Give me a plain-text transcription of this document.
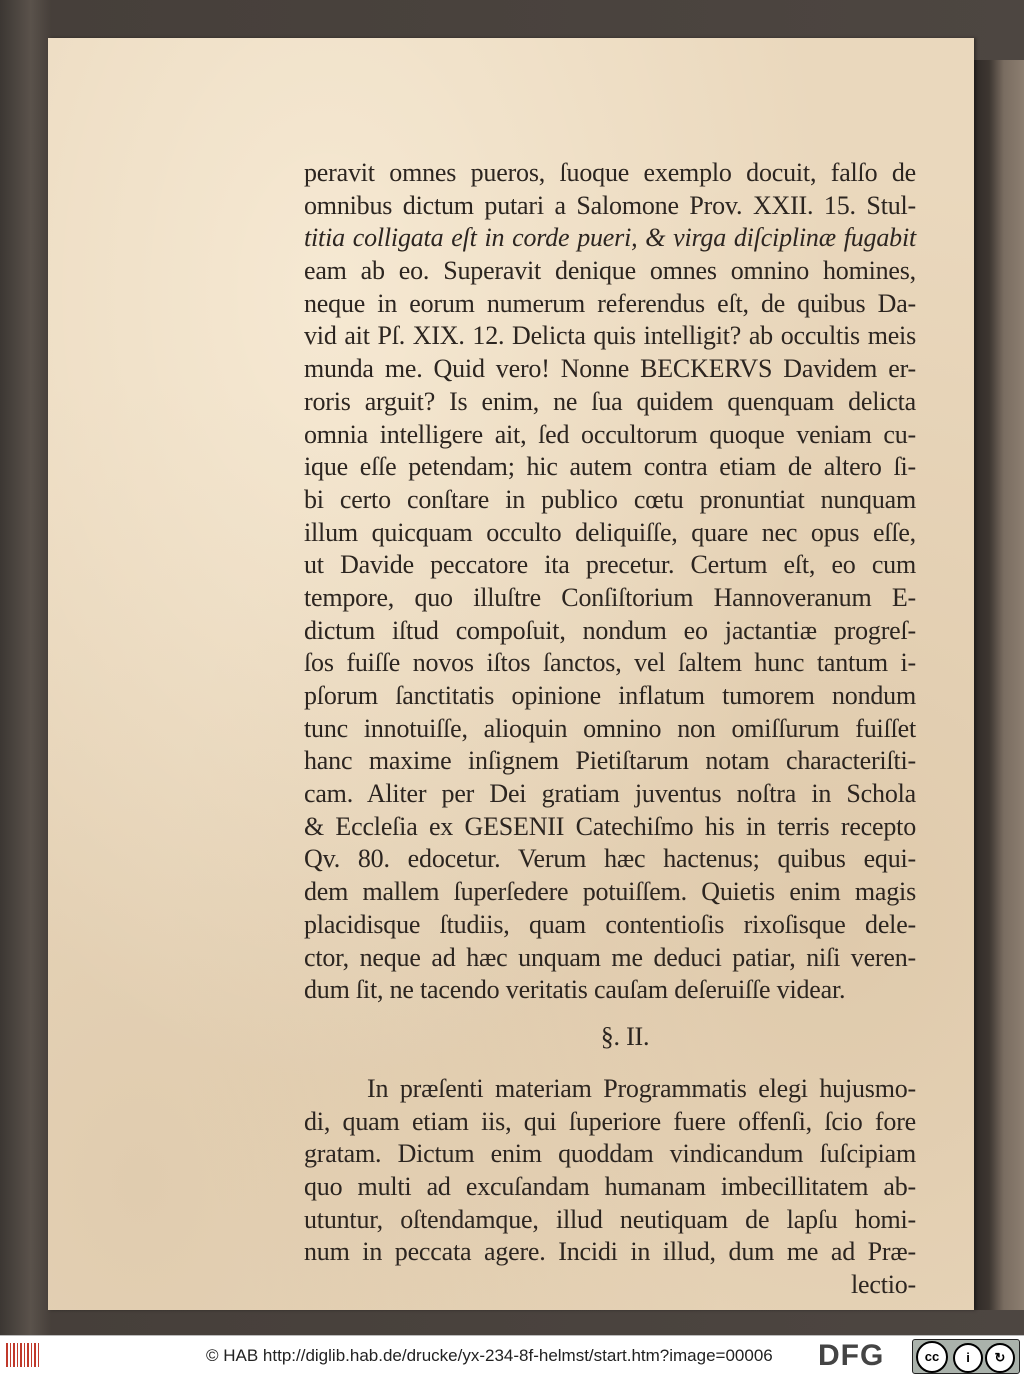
peravit omnes pueros, ſuoque exemplo docuit, falſo de
omnibus dictum putari a Salomone Prov. XXII. 15. Stul-
titia colligata eſt in corde pueri, & virga diſciplinæ fugabit
eam ab eo. Superavit denique omnes omnino homines,
neque in eorum numerum referendus eſt, de quibus Da-
vid ait Pſ. XIX. 12. Delicta quis intelligit? ab occultis meis
munda me. Quid vero! Nonne BECKERVS Davidem er-
roris arguit? Is enim, ne ſua quidem quenquam delicta
omnia intelligere ait, ſed occultorum quoque veniam cu-
ique eſſe petendam; hic autem contra etiam de altero ſi-
bi certo conſtare in publico cœtu pronuntiat nunquam
illum quicquam occulto deliquiſſe, quare nec opus eſſe,
ut Davide peccatore ita precetur. Certum eſt, eo cum
tempore, quo illuſtre Conſiſtorium Hannoveranum E-
dictum iſtud compoſuit, nondum eo jactantiæ progreſ-
ſos fuiſſe novos iſtos ſanctos, vel ſaltem hunc tantum i-
pſorum ſanctitatis opinione inflatum tumorem nondum
tunc innotuiſſe, alioquin omnino non omiſſurum fuiſſet
hanc maxime inſignem Pietiſtarum notam characteriſti-
cam. Aliter per Dei gratiam juventus noſtra in Schola
& Eccleſia ex GESENII Catechiſmo his in terris recepto
Qv. 80. edocetur. Verum hæc hactenus; quibus equi-
dem mallem ſuperſedere potuiſſem. Quietis enim magis
placidisque ſtudiis, quam contentioſis rixoſisque dele-
ctor, neque ad hæc unquam me deduci patiar, niſi veren-
dum ſit, ne tacendo veritatis cauſam deſeruiſſe videar.
§. II.
In præſenti materiam Programmatis elegi hujusmo-
di, quam etiam iis, qui ſuperiore fuere offenſi, ſcio fore
gratam. Dictum enim quoddam vindicandum ſuſcipiam
quo multi ad excuſandam humanam imbecillitatem ab-
utuntur, oſtendamque, illud neutiquam de lapſu homi-
num in peccata agere. Incidi in illud, dum me ad Præ-
lectio-
© HAB http://diglib.hab.de/drucke/yx-234-8f-helmst/start.htm?image=00006 DFG	cc	i	↻
